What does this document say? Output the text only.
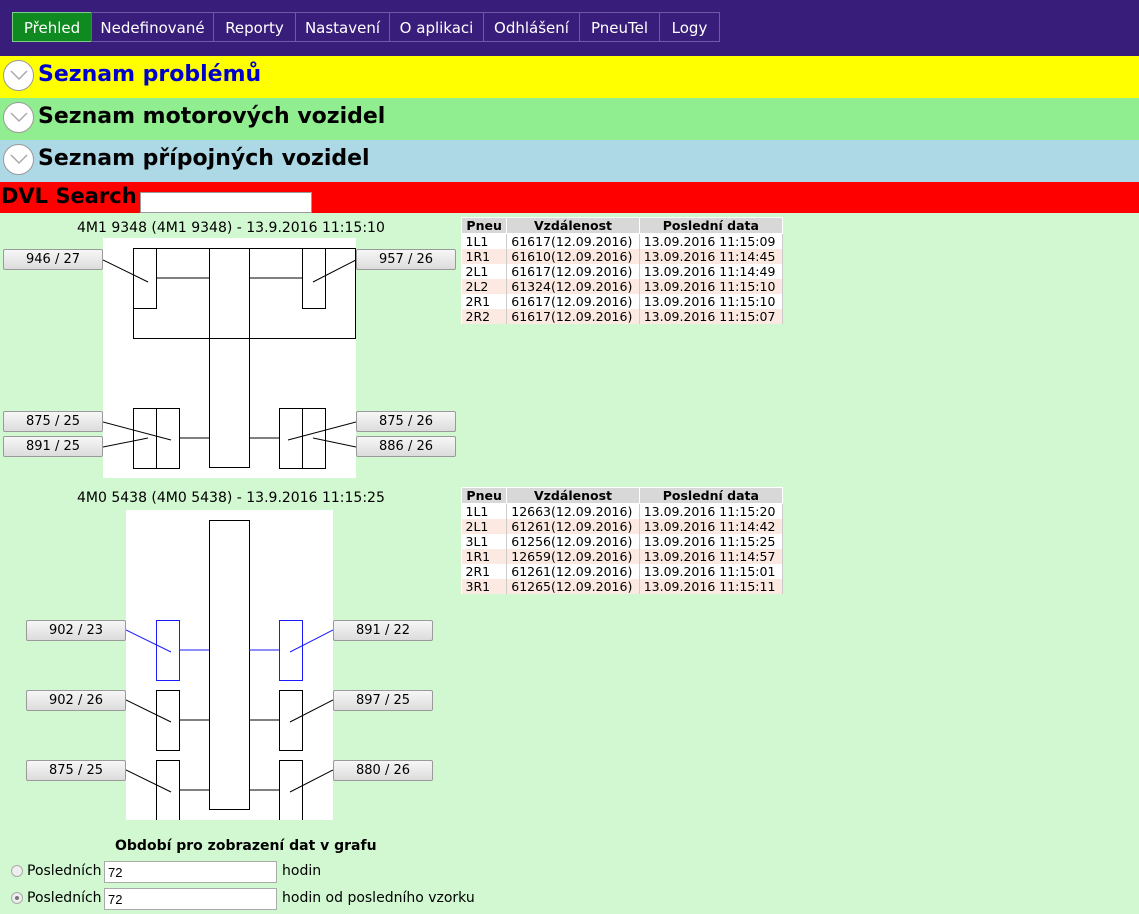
Přehled	Nedefinované	Reporty	Nastavení	O aplikaci	Odhlášení	PneuTel	Logy
Seznam problémů
Seznam motorových vozidel
Seznam přípojných vozidel
DVL Search
4M1 9348 (4M1 9348) - 13.9.2016 11:15:10
946 / 27	957 / 26
875 / 25
891 / 25
875 / 26
886 / 26
Pneu	Vzdálenost	Poslední data
1L1	61617(12.09.2016)	13.09.2016 11:15:09
1R1	61610(12.09.2016)	13.09.2016 11:14:45
2L1	61617(12.09.2016)	13.09.2016 11:14:49
2L2	61324(12.09.2016)	13.09.2016 11:15:10
2R1	61617(12.09.2016)	13.09.2016 11:15:10
2R2	61617(12.09.2016)	13.09.2016 11:15:07
4M0 5438 (4M0 5438) - 13.9.2016 11:15:25
902 / 23	891 / 22
902 / 26	897 / 25
875 / 25	880 / 26
Pneu	Vzdálenost	Poslední data
1L1	12663(12.09.2016)	13.09.2016 11:15:20
2L1	61261(12.09.2016)	13.09.2016 11:14:42
3L1	61256(12.09.2016)	13.09.2016 11:15:25
1R1	12659(12.09.2016)	13.09.2016 11:14:57
2R1	61261(12.09.2016)	13.09.2016 11:15:01
3R1	61265(12.09.2016)	13.09.2016 11:15:11
Období pro zobrazení dat v grafu
Posledních
72	hodin
Posledních
72	hodin od posledního vzorku
